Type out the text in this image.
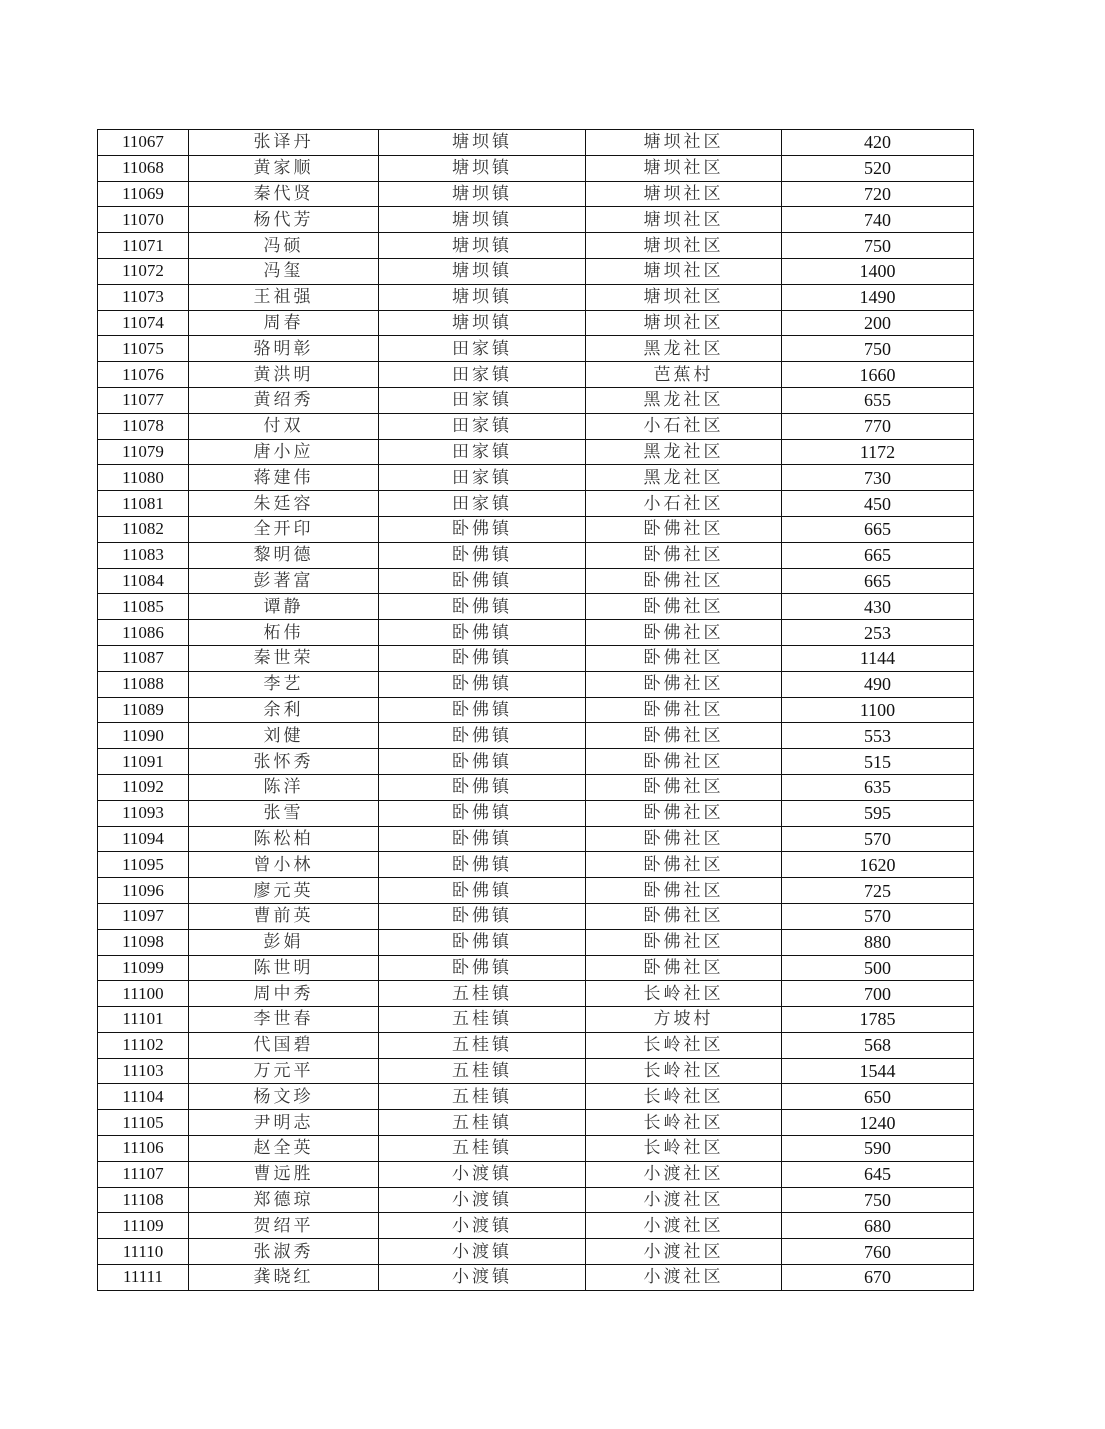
11067	张译丹	塘坝镇	塘坝社区	420
11068	黄家顺	塘坝镇	塘坝社区	520
11069	秦代贤	塘坝镇	塘坝社区	720
11070	杨代芳	塘坝镇	塘坝社区	740
11071	冯硕	塘坝镇	塘坝社区	750
11072	冯玺	塘坝镇	塘坝社区	1400
11073	王祖强	塘坝镇	塘坝社区	1490
11074	周春	塘坝镇	塘坝社区	200
11075	骆明彰	田家镇	黑龙社区	750
11076	黄洪明	田家镇	芭蕉村	1660
11077	黄绍秀	田家镇	黑龙社区	655
11078	付双	田家镇	小石社区	770
11079	唐小应	田家镇	黑龙社区	1172
11080	蒋建伟	田家镇	黑龙社区	730
11081	朱廷容	田家镇	小石社区	450
11082	全开印	卧佛镇	卧佛社区	665
11083	黎明德	卧佛镇	卧佛社区	665
11084	彭著富	卧佛镇	卧佛社区	665
11085	谭静	卧佛镇	卧佛社区	430
11086	柘伟	卧佛镇	卧佛社区	253
11087	秦世荣	卧佛镇	卧佛社区	1144
11088	李艺	卧佛镇	卧佛社区	490
11089	余利	卧佛镇	卧佛社区	1100
11090	刘健	卧佛镇	卧佛社区	553
11091	张怀秀	卧佛镇	卧佛社区	515
11092	陈洋	卧佛镇	卧佛社区	635
11093	张雪	卧佛镇	卧佛社区	595
11094	陈松柏	卧佛镇	卧佛社区	570
11095	曾小林	卧佛镇	卧佛社区	1620
11096	廖元英	卧佛镇	卧佛社区	725
11097	曹前英	卧佛镇	卧佛社区	570
11098	彭娟	卧佛镇	卧佛社区	880
11099	陈世明	卧佛镇	卧佛社区	500
11100	周中秀	五桂镇	长岭社区	700
11101	李世春	五桂镇	方坡村	1785
11102	代国碧	五桂镇	长岭社区	568
11103	万元平	五桂镇	长岭社区	1544
11104	杨文珍	五桂镇	长岭社区	650
11105	尹明志	五桂镇	长岭社区	1240
11106	赵全英	五桂镇	长岭社区	590
11107	曹远胜	小渡镇	小渡社区	645
11108	郑德琼	小渡镇	小渡社区	750
11109	贺绍平	小渡镇	小渡社区	680
11110	张淑秀	小渡镇	小渡社区	760
11111	龚晓红	小渡镇	小渡社区	670
